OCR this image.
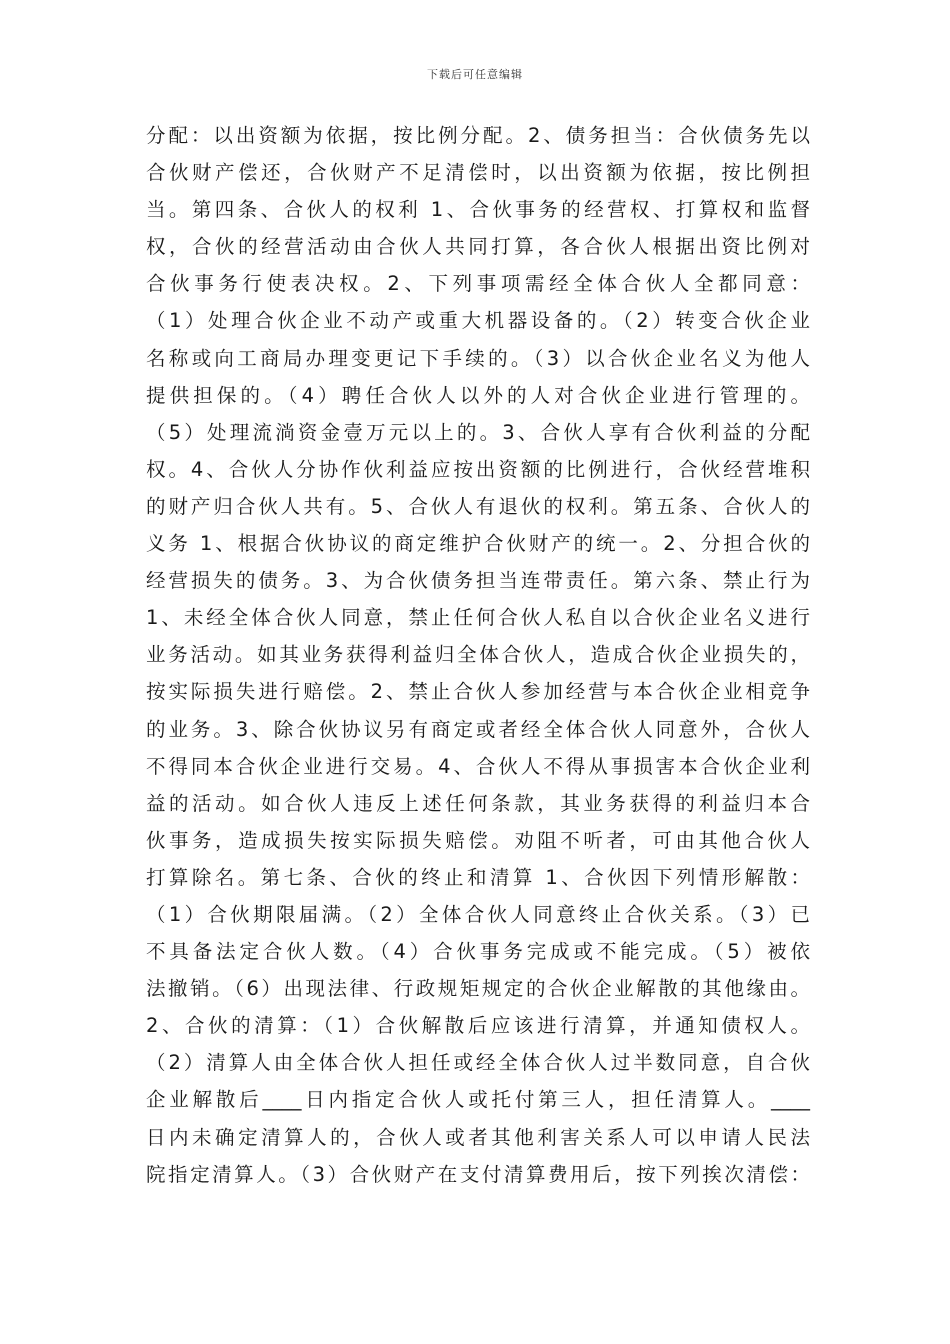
下载后可任意编辑
分配：以出资额为依据，按比例分配。2、债务担当：合伙债务先以
合伙财产偿还，合伙财产不足清偿时，以出资额为依据，按比例担
当。第四条、合伙人的权利 1、合伙事务的经营权、打算权和监督
权，合伙的经营活动由合伙人共同打算，各合伙人根据出资比例对
合伙事务行使表决权。2、下列事项需经全体合伙人全都同意：
（1）处理合伙企业不动产或重大机器设备的。（2）转变合伙企业
名称或向工商局办理变更记下手续的。（3）以合伙企业名义为他人
提供担保的。（4）聘任合伙人以外的人对合伙企业进行管理的。
（5）处理流淌资金壹万元以上的。3、合伙人享有合伙利益的分配
权。4、合伙人分协作伙利益应按出资额的比例进行，合伙经营堆积
的财产归合伙人共有。5、合伙人有退伙的权利。第五条、合伙人的
义务 1、根据合伙协议的商定维护合伙财产的统一。2、分担合伙的
经营损失的债务。3、为合伙债务担当连带责任。第六条、禁止行为
1、未经全体合伙人同意，禁止任何合伙人私自以合伙企业名义进行
业务活动。如其业务获得利益归全体合伙人，造成合伙企业损失的，
按实际损失进行赔偿。2、禁止合伙人参加经营与本合伙企业相竞争
的业务。3、除合伙协议另有商定或者经全体合伙人同意外，合伙人
不得同本合伙企业进行交易。4、合伙人不得从事损害本合伙企业利
益的活动。如合伙人违反上述任何条款，其业务获得的利益归本合
伙事务，造成损失按实际损失赔偿。劝阻不听者，可由其他合伙人
打算除名。第七条、合伙的终止和清算 1、合伙因下列情形解散：
（1）合伙期限届满。（2）全体合伙人同意终止合伙关系。（3）已
不具备法定合伙人数。（4）合伙事务完成或不能完成。（5）被依
法撤销。（6）出现法律、行政规矩规定的合伙企业解散的其他缘由。
2、合伙的清算：（1）合伙解散后应该进行清算，并通知债权人。
（2）清算人由全体合伙人担任或经全体合伙人过半数同意，自合伙
企业解散后____日内指定合伙人或托付第三人，担任清算人。____
日内未确定清算人的，合伙人或者其他利害关系人可以申请人民法
院指定清算人。（3）合伙财产在支付清算费用后，按下列挨次清偿：
